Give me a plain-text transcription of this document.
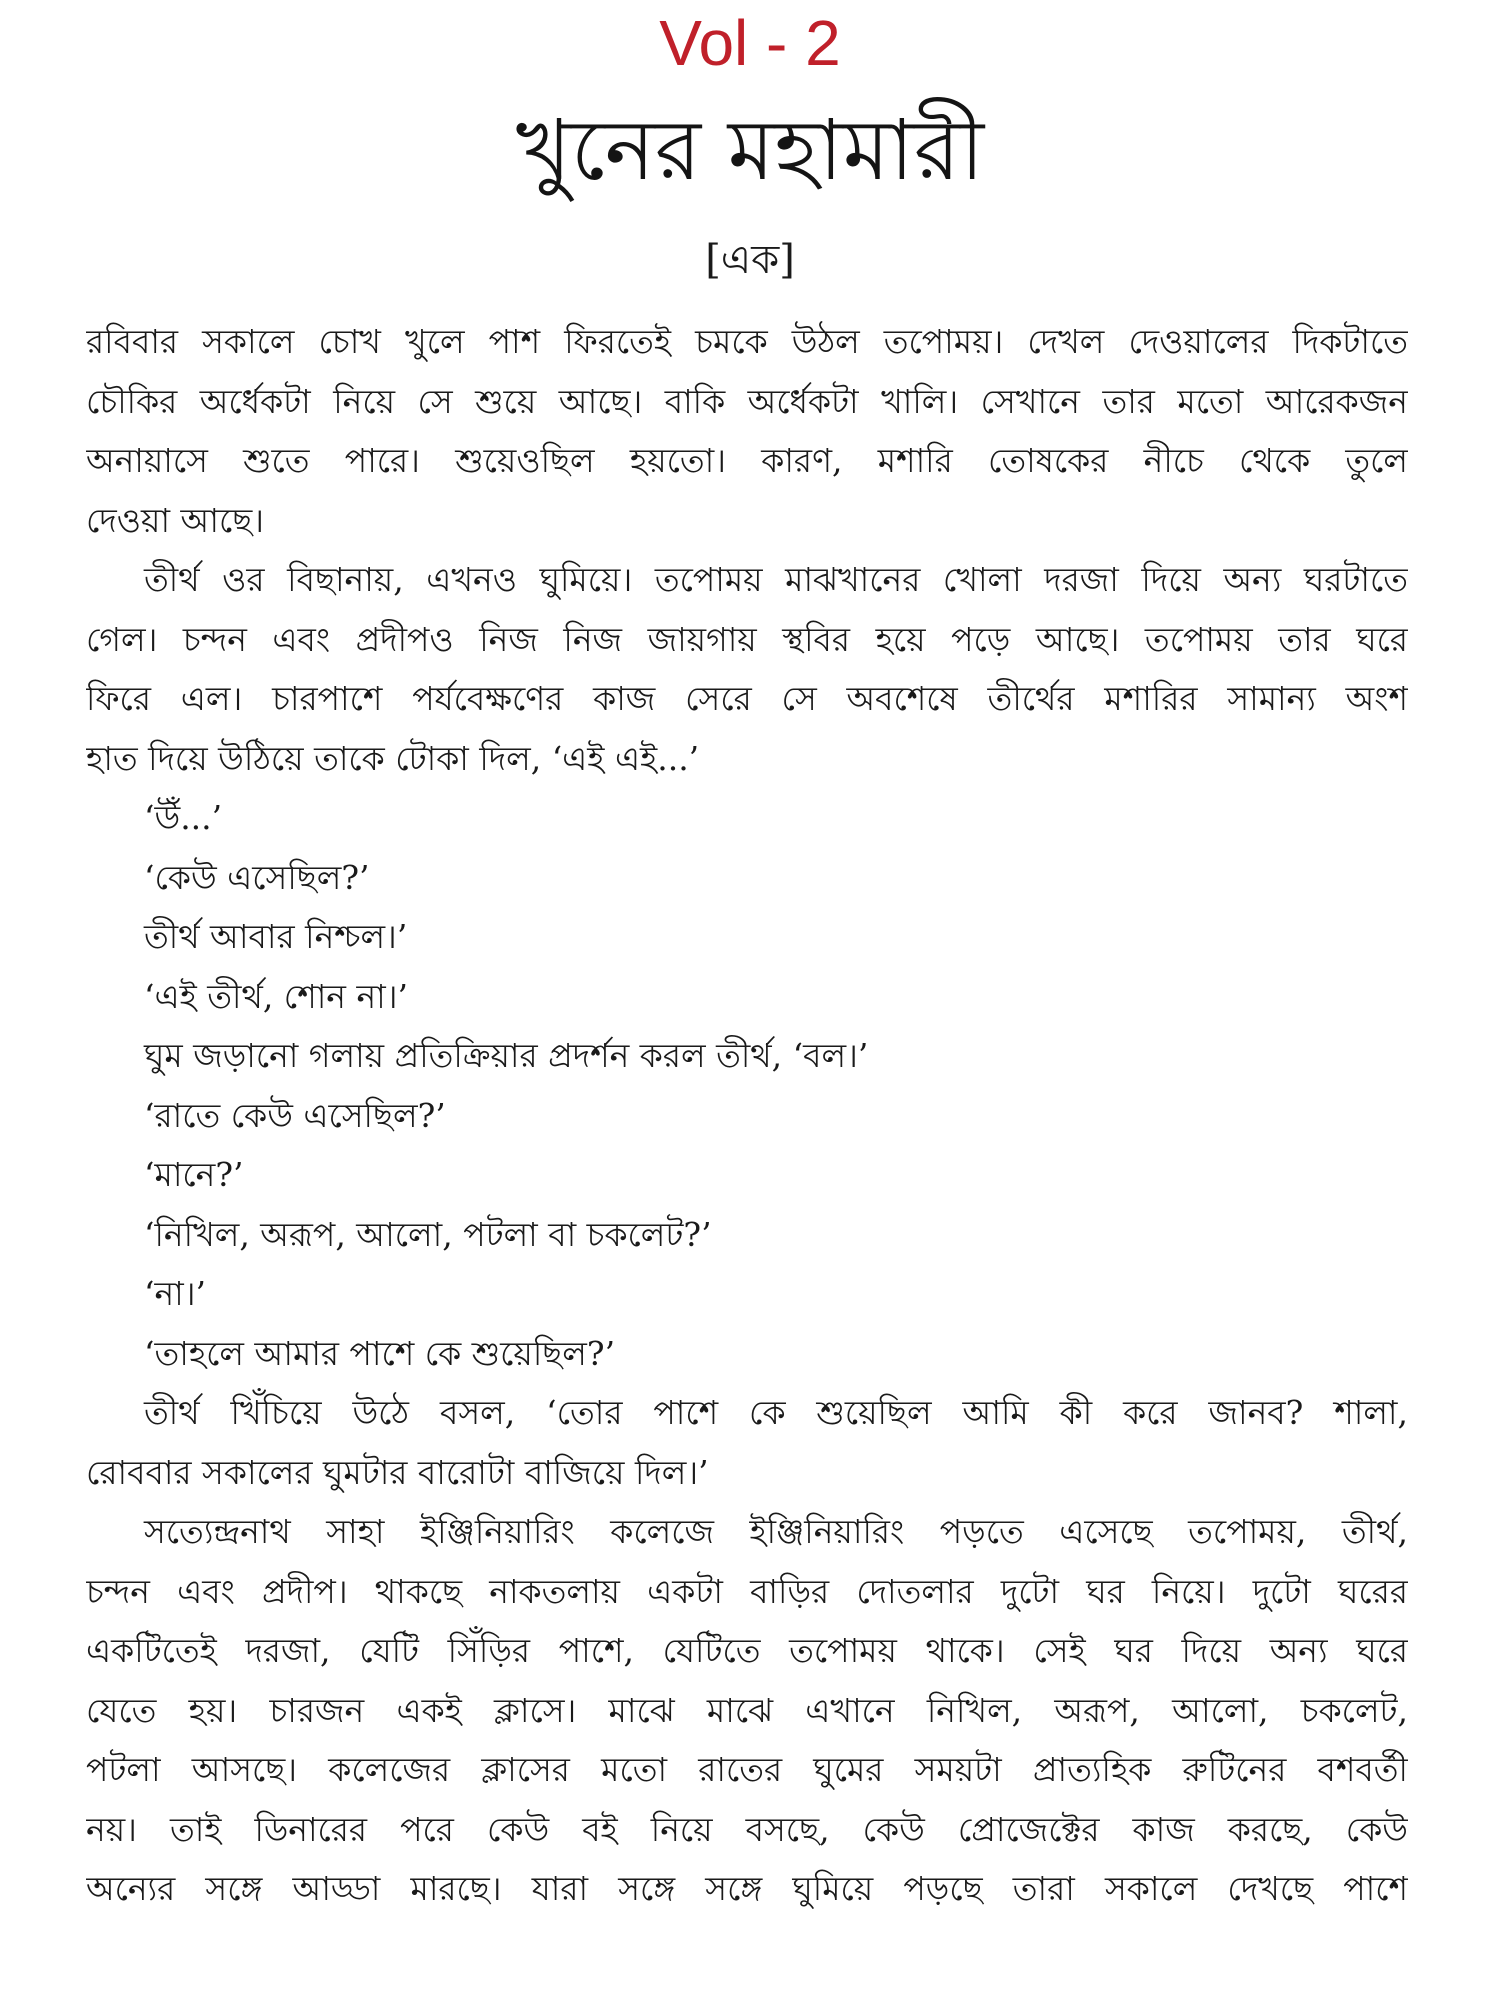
Vol - 2
খুনের মহামারী
[এক]
রবিবার সকালে চোখ খুলে পাশ ফিরতেই চমকে উঠল তপোময়। দেখল দেওয়ালের দিকটাতে
চৌকির অর্ধেকটা নিয়ে সে শুয়ে আছে। বাকি অর্ধেকটা খালি। সেখানে তার মতো আরেকজন
অনায়াসে শুতে পারে। শুয়েওছিল হয়তো। কারণ, মশারি তোষকের নীচে থেকে তুলে
দেওয়া আছে।
তীর্থ ওর বিছানায়, এখনও ঘুমিয়ে। তপোময় মাঝখানের খোলা দরজা দিয়ে অন্য ঘরটাতে
গেল। চন্দন এবং প্রদীপও নিজ নিজ জায়গায় স্থবির হয়ে পড়ে আছে। তপোময় তার ঘরে
ফিরে এল। চারপাশে পর্যবেক্ষণের কাজ সেরে সে অবশেষে তীর্থের মশারির সামান্য অংশ
হাত দিয়ে উঠিয়ে তাকে টোকা দিল, ‘এই এই...’
‘উঁ...’
‘কেউ এসেছিল?’
তীর্থ আবার নিশ্চল।’
‘এই তীর্থ, শোন না।’
ঘুম জড়ানো গলায় প্রতিক্রিয়ার প্রদর্শন করল তীর্থ, ‘বল।’
‘রাতে কেউ এসেছিল?’
‘মানে?’
‘নিখিল, অরূপ, আলো, পটলা বা চকলেট?’
‘না।’
‘তাহলে আমার পাশে কে শুয়েছিল?’
তীর্থ খিঁচিয়ে উঠে বসল, ‘তোর পাশে কে শুয়েছিল আমি কী করে জানব? শালা,
রোববার সকালের ঘুমটার বারোটা বাজিয়ে দিল।’
সত্যেন্দ্রনাথ সাহা ইঞ্জিনিয়ারিং কলেজে ইঞ্জিনিয়ারিং পড়তে এসেছে তপোময়, তীর্থ,
চন্দন এবং প্রদীপ। থাকছে নাকতলায় একটা বাড়ির দোতলার দুটো ঘর নিয়ে। দুটো ঘরের
একটিতেই দরজা, যেটি সিঁড়ির পাশে, যেটিতে তপোময় থাকে। সেই ঘর দিয়ে অন্য ঘরে
যেতে হয়। চারজন একই ক্লাসে। মাঝে মাঝে এখানে নিখিল, অরূপ, আলো, চকলেট,
পটলা আসছে। কলেজের ক্লাসের মতো রাতের ঘুমের সময়টা প্রাত্যহিক রুটিনের বশবর্তী
নয়। তাই ডিনারের পরে কেউ বই নিয়ে বসছে, কেউ প্রোজেক্টের কাজ করছে, কেউ
অন্যের সঙ্গে আড্ডা মারছে। যারা সঙ্গে সঙ্গে ঘুমিয়ে পড়ছে তারা সকালে দেখছে পাশে
